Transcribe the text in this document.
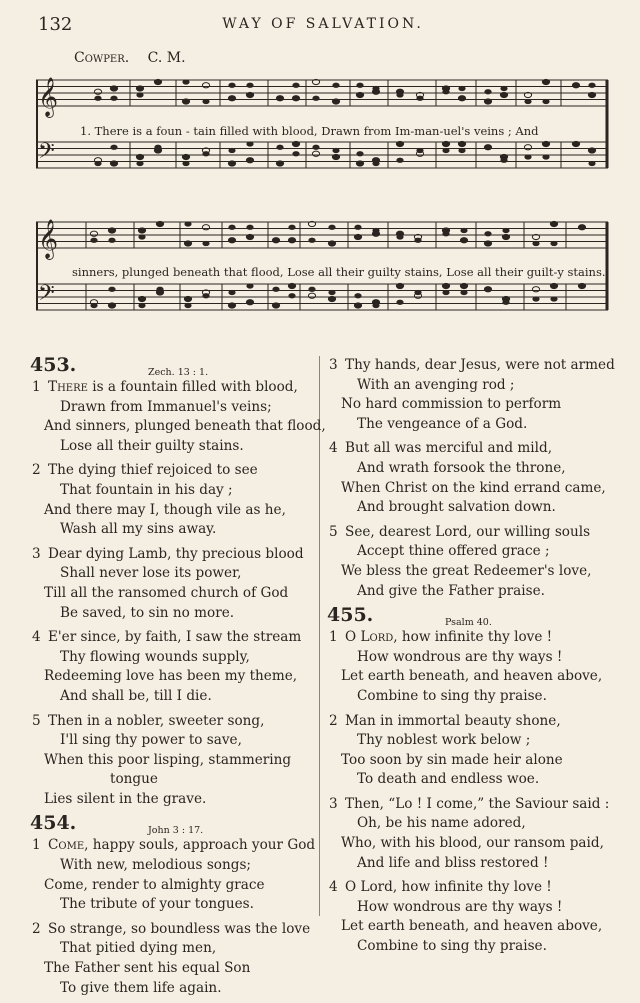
132	WAY OF SALVATION.
Cowper. C. M.
𝄞
𝄢
1. There is a foun - tain filled with blood, Drawn from Im-man-uel's veins ; And
𝄞
𝄢
sinners, plunged beneath that flood, Lose all their guilty stains, Lose all their guilt-y stains.
453.	Zech. 13 : 1.
1 There is a fountain filled with blood,
Drawn from Immanuel's veins;
And sinners, plunged beneath that flood,
Lose all their guilty stains.
2 The dying thief rejoiced to see
That fountain in his day ;
And there may I, though vile as he,
Wash all my sins away.
3 Dear dying Lamb, thy precious blood
Shall never lose its power,
Till all the ransomed church of God
Be saved, to sin no more.
4 E'er since, by faith, I saw the stream
Thy flowing wounds supply,
Redeeming love has been my theme,
And shall be, till I die.
5 Then in a nobler, sweeter song,
I'll sing thy power to save,
When this poor lisping, stammering
tongue
Lies silent in the grave.
454.	John 3 : 17.
1 Come, happy souls, approach your God
With new, melodious songs;
Come, render to almighty grace
The tribute of your tongues.
2 So strange, so boundless was the love
That pitied dying men,
The Father sent his equal Son
To give them life again.
3 Thy hands, dear Jesus, were not armed
With an avenging rod ;
No hard commission to perform
The vengeance of a God.
4 But all was merciful and mild,
And wrath forsook the throne,
When Christ on the kind errand came,
And brought salvation down.
5 See, dearest Lord, our willing souls
Accept thine offered grace ;
We bless the great Redeemer's love,
And give the Father praise.
455.	Psalm 40.
1 O Lord, how infinite thy love !
How wondrous are thy ways !
Let earth beneath, and heaven above,
Combine to sing thy praise.
2 Man in immortal beauty shone,
Thy noblest work below ;
Too soon by sin made heir alone
To death and endless woe.
3 Then, “Lo ! I come,” the Saviour said :
Oh, be his name adored,
Who, with his blood, our ransom paid,
And life and bliss restored !
4 O Lord, how infinite thy love !
How wondrous are thy ways !
Let earth beneath, and heaven above,
Combine to sing thy praise.
